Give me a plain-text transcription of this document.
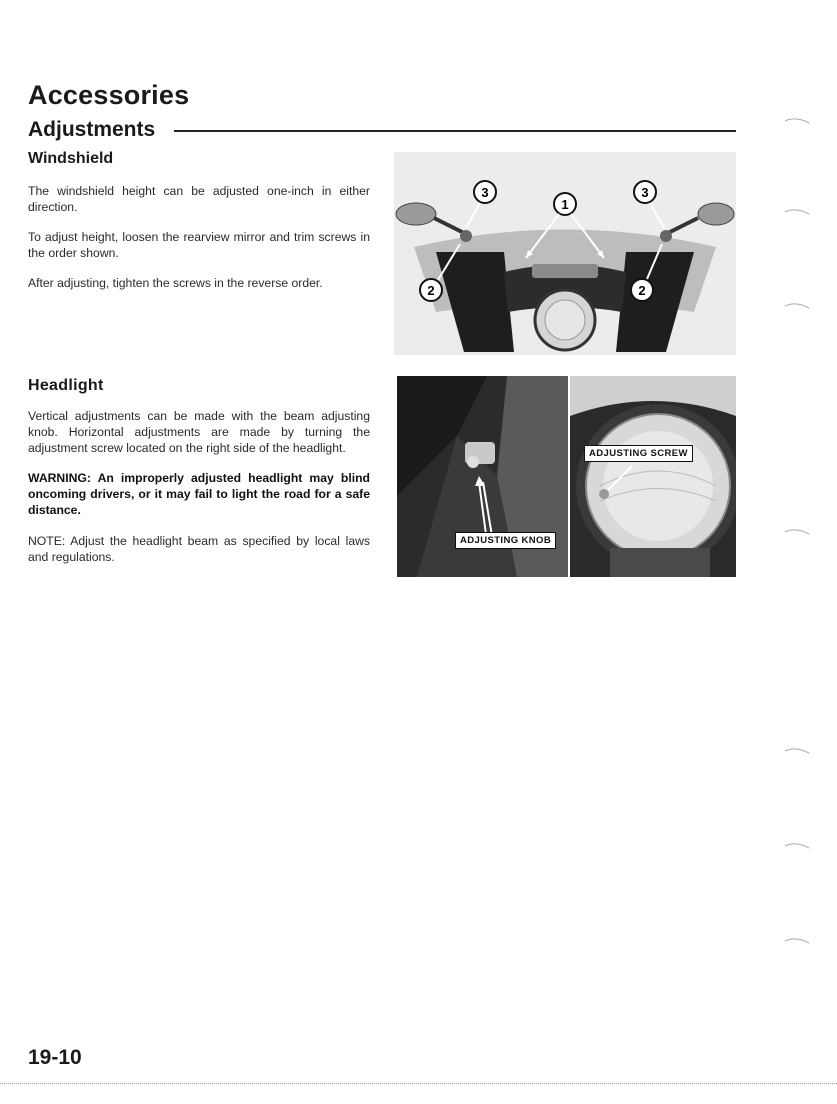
Accessories
Adjustments
Windshield

The windshield height can be adjusted one-inch in either direction.

To adjust height, loosen the rearview mirror and trim screws in the order shown.

After adjusting, tighten the screws in the reverse order.

1
3	3
2	2
Headlight

Vertical adjustments can be made with the beam adjusting knob. Horizontal adjustments are made by turning the adjustment screw located on the right side of the headlight.

WARNING: An improperly adjusted headlight may blind oncoming drivers, or it may fail to light the road for a safe distance.

NOTE: Adjust the headlight beam as specified by local laws and regulations.

ADJUSTING KNOB
ADJUSTING SCREW
19-10
